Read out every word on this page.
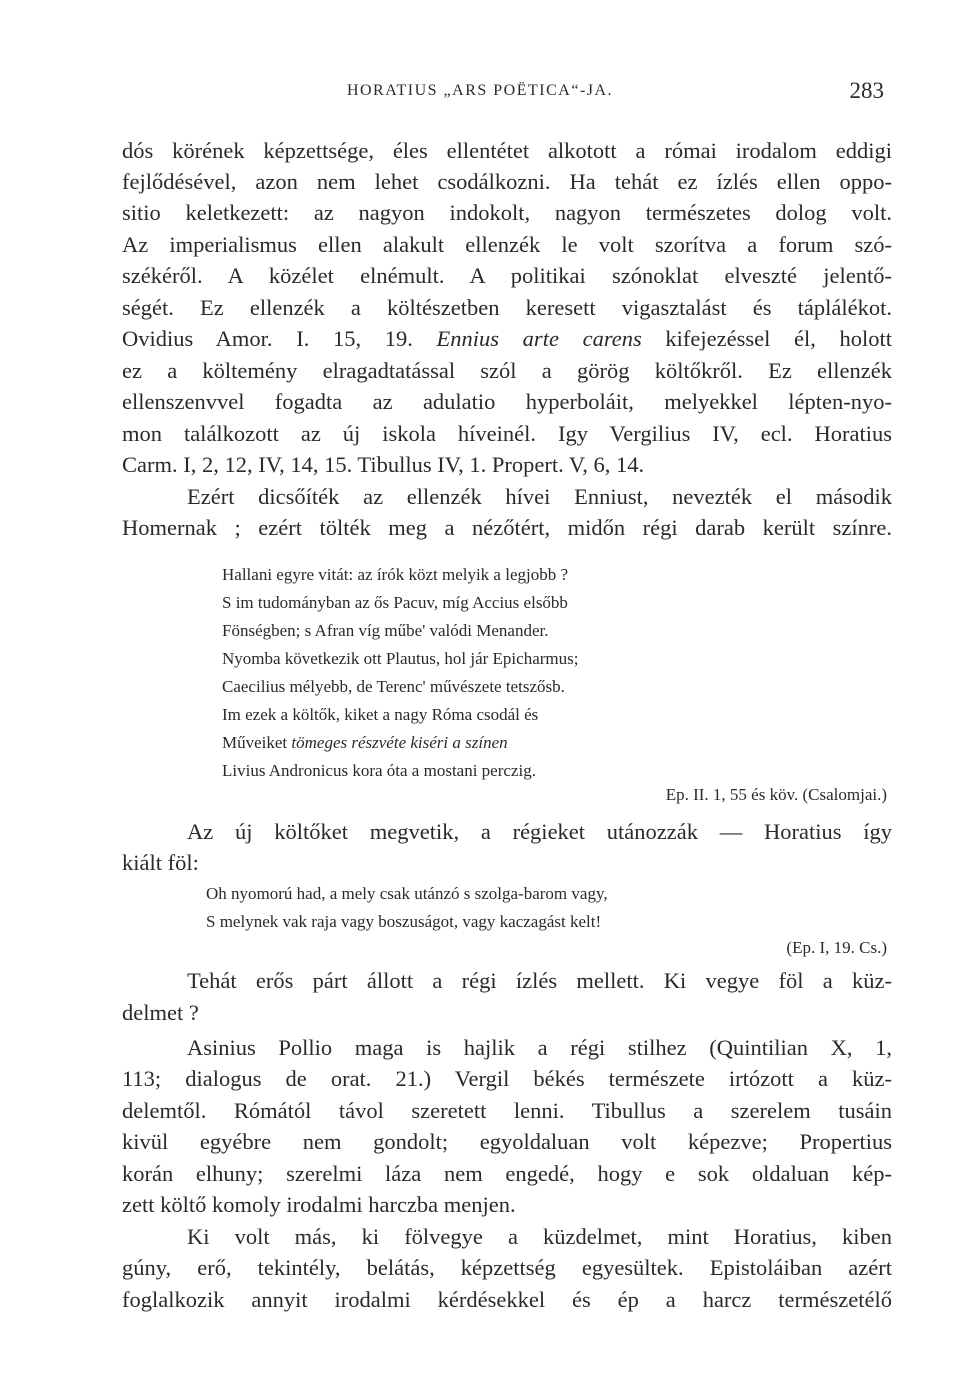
HORATIUS „ARS POËTICA“-JA.	283
dós körének képzettsége, éles ellentétet alkotott a római irodalom eddigi
fejlődésével, azon nem lehet csodálkozni. Ha tehát ez ízlés ellen oppo-
sitio keletkezett: az nagyon indokolt, nagyon természetes dolog volt.
Az imperialismus ellen alakult ellenzék le volt szorítva a forum szó-
székéről. A közélet elnémult. A politikai szónoklat elveszté jelentő-
ségét. Ez ellenzék a költészetben keresett vigasztalást és táplálékot.
Ovidius Amor. I. 15, 19. Ennius arte carens kifejezéssel él, holott
ez a költemény elragadtatással szól a görög költőkről. Ez ellenzék
ellenszenvvel fogadta az adulatio hyperboláit, melyekkel lépten-nyo-
mon találkozott az új iskola híveinél. Igy Vergilius IV, ecl. Horatius
Carm. I, 2, 12, IV, 14, 15. Tibullus IV, 1. Propert. V, 6, 14.
Ezért dicsőíték az ellenzék hívei Enniust, nevezték el második
Homernak ; ezért tölték meg a nézőtért, midőn régi darab került színre.
Hallani egyre vitát: az írók közt melyik a legjobb ?
S im tudományban az ős Pacuv, míg Accius elsőbb
Fönségben; s Afran víg műbe' valódi Menander.
Nyomba következik ott Plautus, hol jár Epicharmus;
Caecilius mélyebb, de Terenc' művészete tetszősb.
Im ezek a költők, kiket a nagy Róma csodál és
Műveiket tömeges részvéte kiséri a színen
Livius Andronicus kora óta a mostani perczig.
Ep. II. 1, 55 és köv. (Csalomjai.)
Az új költőket megvetik, a régieket utánozzák — Horatius így
kiált föl:
Oh nyomorú had, a mely csak utánzó s szolga-barom vagy,
S melynek vak raja vagy boszuságot, vagy kaczagást kelt!
(Ep. I, 19. Cs.)
Tehát erős párt állott a régi ízlés mellett. Ki vegye föl a küz-
delmet ?
Asinius Pollio maga is hajlik a régi stilhez (Quintilian X, 1,
113; dialogus de orat. 21.) Vergil békés természete irtózott a küz-
delemtől. Rómától távol szeretett lenni. Tibullus a szerelem tusáin
kivül egyébre nem gondolt; egyoldaluan volt képezve; Propertius
korán elhuny; szerelmi láza nem engedé, hogy e sok oldaluan kép-
zett költő komoly irodalmi harczba menjen.
Ki volt más, ki fölvegye a küzdelmet, mint Horatius, kiben
gúny, erő, tekintély, belátás, képzettség egyesültek. Epistoláiban azért
foglalkozik annyit irodalmi kérdésekkel és ép a harcz természetélő
